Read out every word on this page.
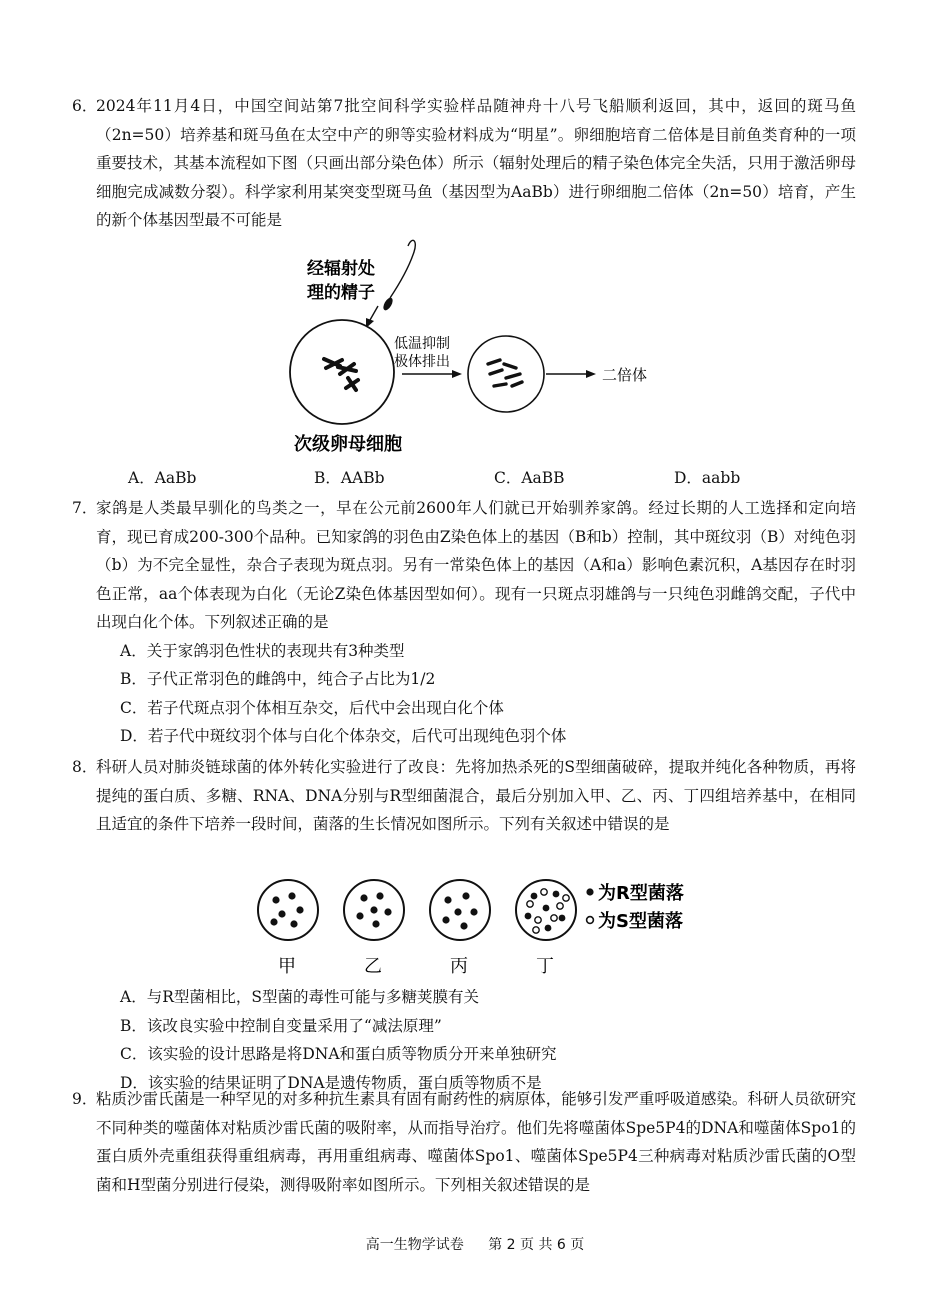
6．

2024年11月4日，中国空间站第7批空间科学实验样品随神舟十八号飞船顺利返回，其中，返回的斑马鱼（2n=50）培养基和斑马鱼在太空中产的卵等实验材料成为“明星”。卵细胞培育二倍体是目前鱼类育种的一项重要技术，其基本流程如下图（只画出部分染色体）所示（辐射处理后的精子染色体完全失活，只用于激活卵母细胞完成减数分裂）。科学家利用某突变型斑马鱼（基因型为AaBb）进行卵细胞二倍体（2n=50）培育，产生的新个体基因型最不可能是

经辐射处
理的精子
低温抑制
极体排出
二倍体
次级卵母细胞
A．AaBb	B．AABb	C．AaBB	D．aabb
7．

家鸽是人类最早驯化的鸟类之一，早在公元前2600年人们就已开始驯养家鸽。经过长期的人工选择和定向培育，现已育成200-300个品种。已知家鸽的羽色由Z染色体上的基因（B和b）控制，其中斑纹羽（B）对纯色羽（b）为不完全显性，杂合子表现为斑点羽。另有一常染色体上的基因（A和a）影响色素沉积，A基因存在时羽色正常，aa个体表现为白化（无论Z染色体基因型如何）。现有一只斑点羽雄鸽与一只纯色羽雌鸽交配，子代中出现白化个体。下列叙述正确的是

A．关于家鸽羽色性状的表现共有3种类型

B．子代正常羽色的雌鸽中，纯合子占比为1/2

C．若子代斑点羽个体相互杂交，后代中会出现白化个体

D．若子代中斑纹羽个体与白化个体杂交，后代可出现纯色羽个体

8．

科研人员对肺炎链球菌的体外转化实验进行了改良：先将加热杀死的S型细菌破碎，提取并纯化各种物质，再将提纯的蛋白质、多糖、RNA、DNA分别与R型细菌混合，最后分别加入甲、乙、丙、丁四组培养基中，在相同且适宜的条件下培养一段时间，菌落的生长情况如图所示。下列有关叙述中错误的是

为R型菌落
为S型菌落
甲	乙	丙	丁

A．与R型菌相比，S型菌的毒性可能与多糖荚膜有关

B．该改良实验中控制自变量采用了“减法原理”

C．该实验的设计思路是将DNA和蛋白质等物质分开来单独研究

D．该实验的结果证明了DNA是遗传物质，蛋白质等物质不是

9．

粘质沙雷氏菌是一种罕见的对多种抗生素具有固有耐药性的病原体，能够引发严重呼吸道感染。科研人员欲研究不同种类的噬菌体对粘质沙雷氏菌的吸附率，从而指导治疗。他们先将噬菌体Spe5P4的DNA和噬菌体Spo1的蛋白质外壳重组获得重组病毒，再用重组病毒、噬菌体Spo1、噬菌体Spe5P4三种病毒对粘质沙雷氏菌的O型菌和H型菌分别进行侵染，测得吸附率如图所示。下列相关叙述错误的是

高一生物学试卷 第 2 页 共 6 页
